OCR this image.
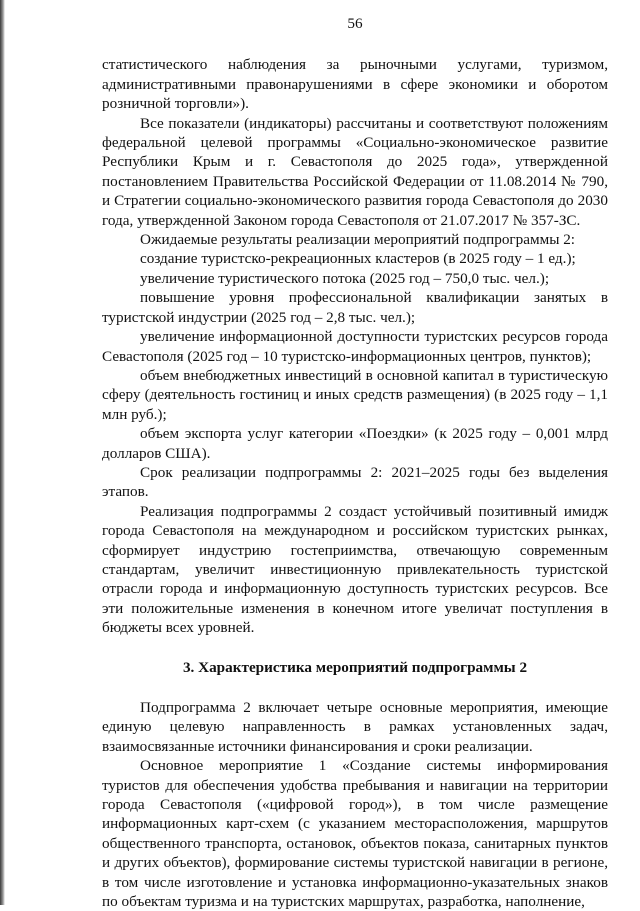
56

статистического наблюдения за рыночными услугами, туризмом, административными правонарушениями в сфере экономики и оборотом розничной торговли»).

Все показатели (индикаторы) рассчитаны и соответствуют положениям федеральной целевой программы «Социально-экономическое развитие Республики Крым и г. Севастополя до 2025 года», утвержденной постановлением Правительства Российской Федерации от 11.08.2014 № 790, и Стратегии социально-экономического развития города Севастополя до 2030 года, утвержденной Законом города Севастополя от 21.07.2017 № 357-ЗС.

Ожидаемые результаты реализации мероприятий подпрограммы 2:

создание туристско-рекреационных кластеров (в 2025 году – 1 ед.);

увеличение туристического потока (2025 год – 750,0 тыс. чел.);

повышение уровня профессиональной квалификации занятых в туристской индустрии (2025 год – 2,8 тыс. чел.);

увеличение информационной доступности туристских ресурсов города Севастополя (2025 год – 10 туристско-информационных центров, пунктов);

объем внебюджетных инвестиций в основной капитал в туристическую сферу (деятельность гостиниц и иных средств размещения) (в 2025 году – 1,1 млн руб.);

объем экспорта услуг категории «Поездки» (к 2025 году – 0,001 млрд долларов США).

Срок реализации подпрограммы 2: 2021–2025 годы без выделения этапов.

Реализация подпрограммы 2 создаст устойчивый позитивный имидж города Севастополя на международном и российском туристских рынках, сформирует индустрию гостеприимства, отвечающую современным стандартам, увеличит инвестиционную привлекательность туристской отрасли города и информационную доступность туристских ресурсов. Все эти положительные изменения в конечном итоге увеличат поступления в бюджеты всех уровней.

3. Характеристика мероприятий подпрограммы 2

Подпрограмма 2 включает четыре основные мероприятия, имеющие единую целевую направленность в рамках установленных задач, взаимосвязанные источники финансирования и сроки реализации.

Основное мероприятие 1 «Создание системы информирования туристов для обеспечения удобства пребывания и навигации на территории города Севастополя («цифровой город»), в том числе размещение информационных карт-схем (с указанием месторасположения, маршрутов общественного транспорта, остановок, объектов показа, санитарных пунктов и других объектов), формирование системы туристской навигации в регионе, в том числе изготовление и установка информационно-указательных знаков по объектам туризма и на туристских маршрутах, разработка, наполнение,
